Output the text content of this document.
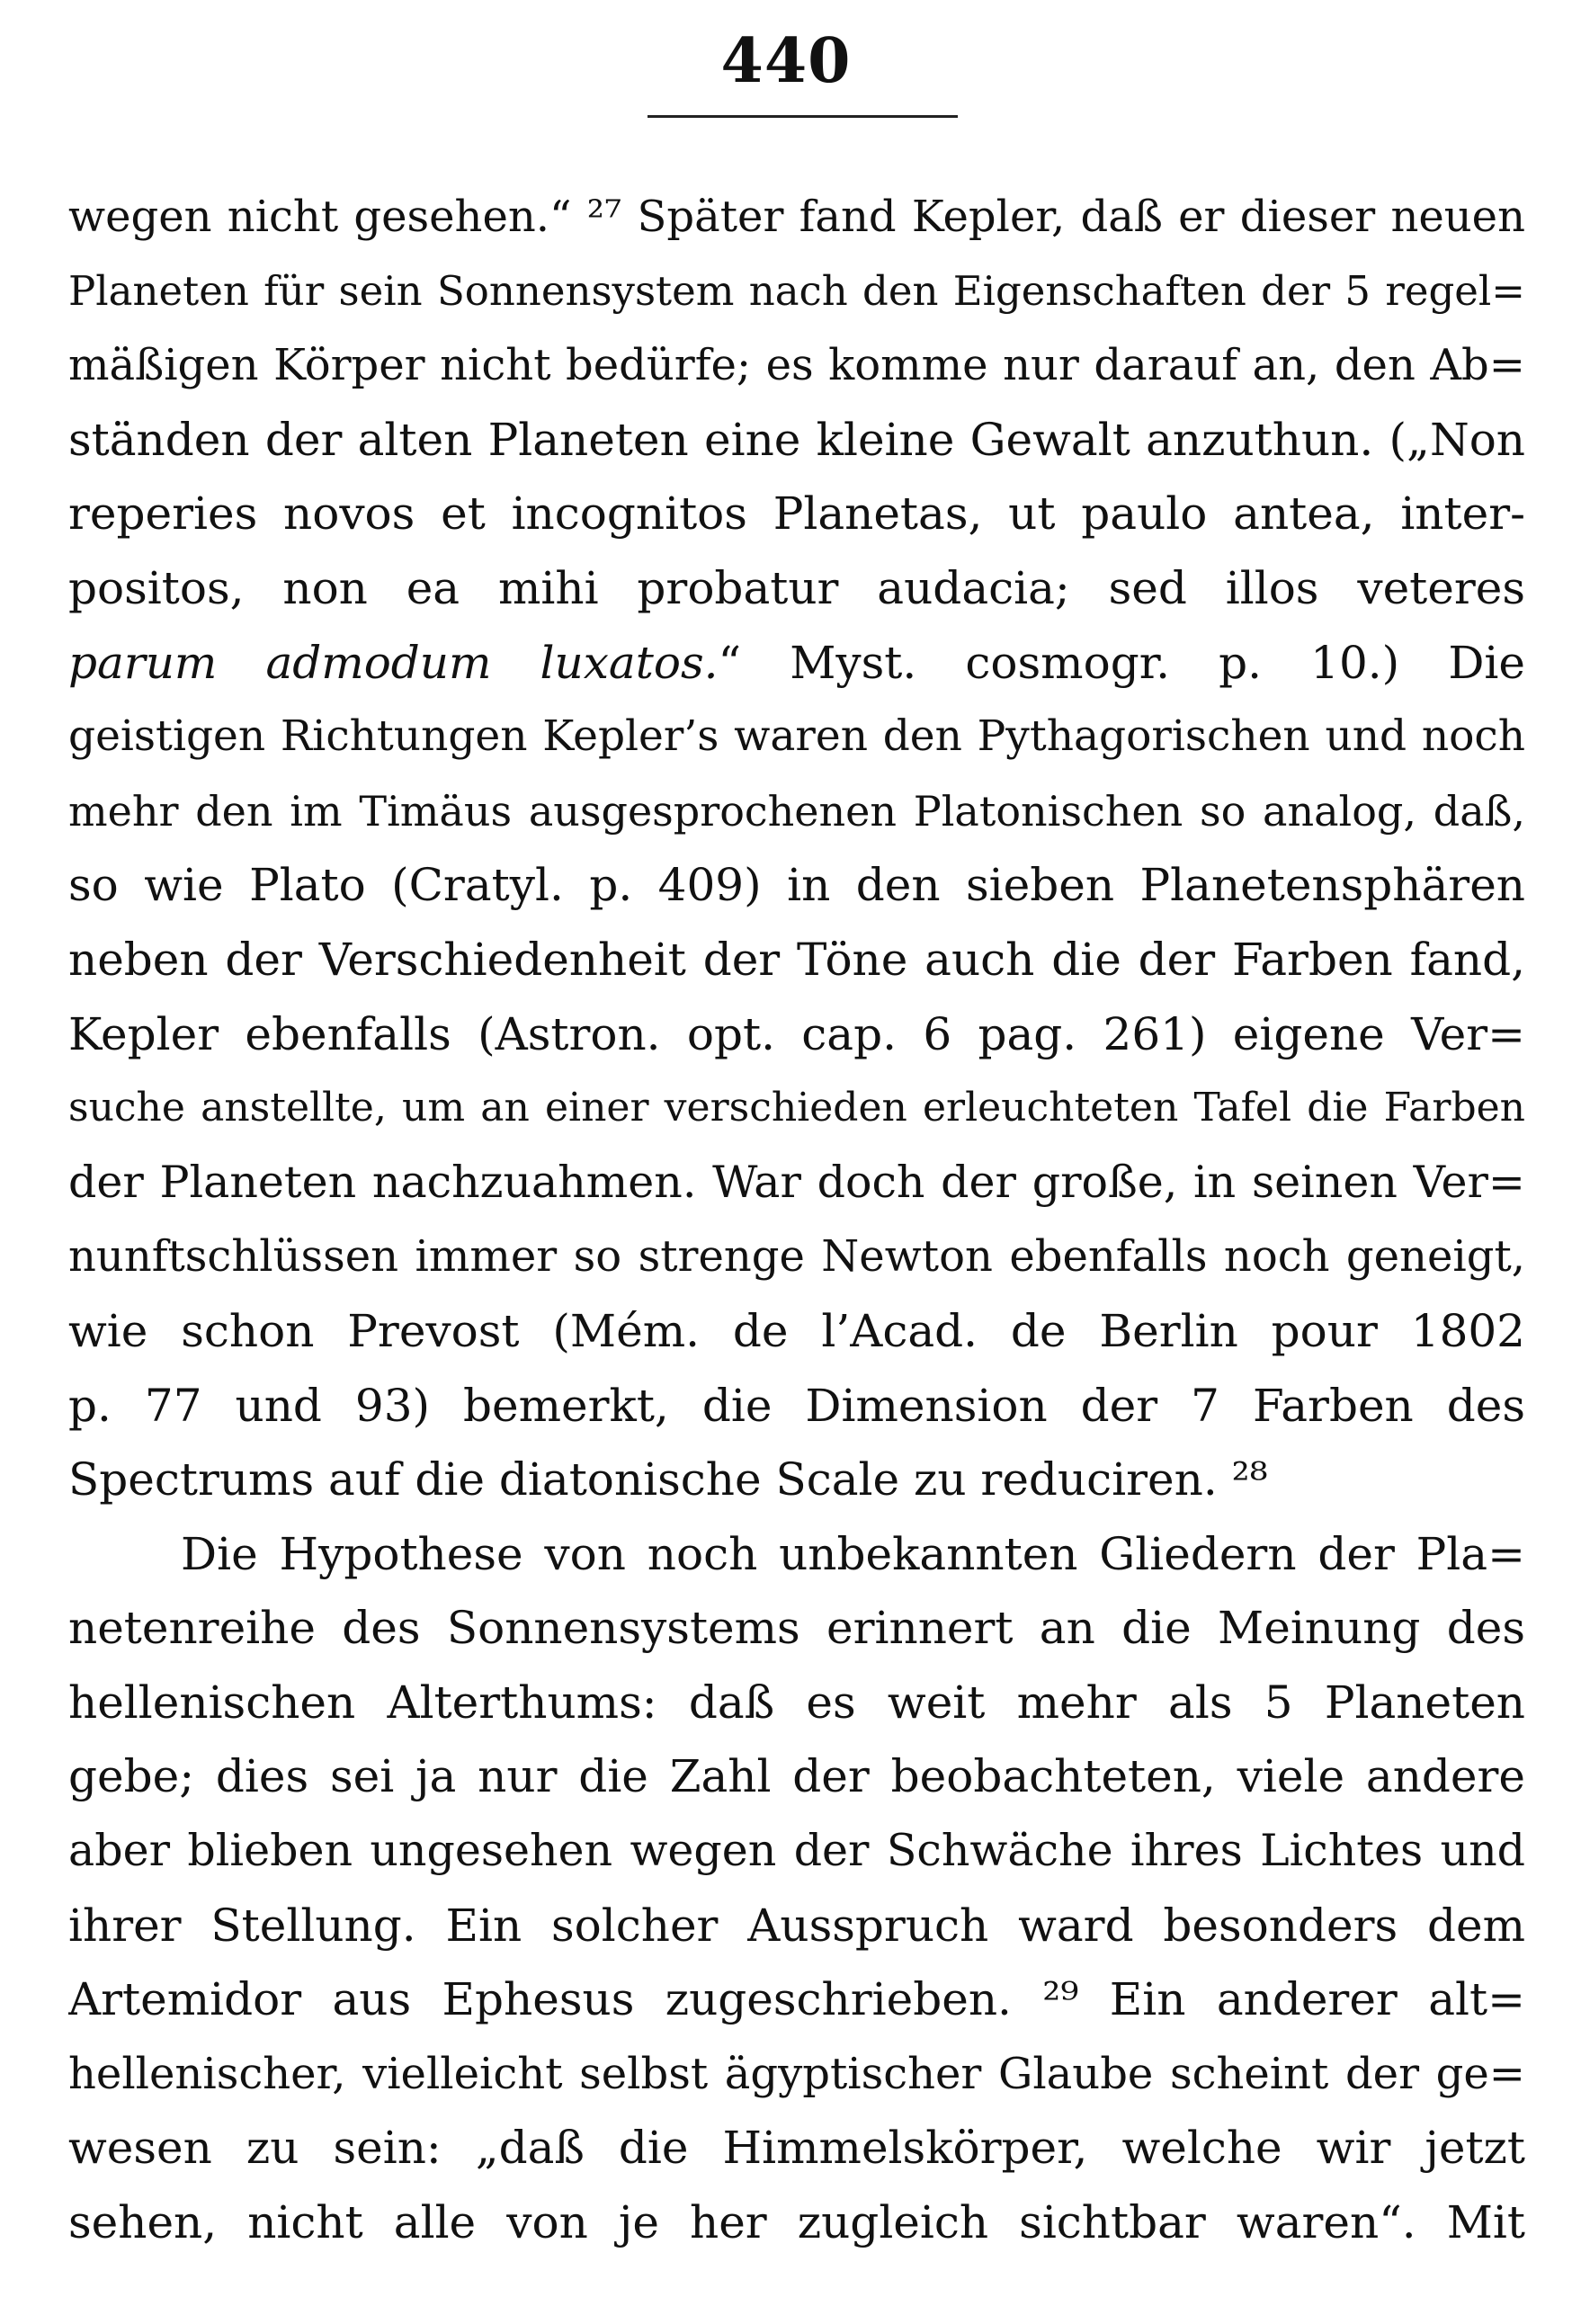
440
wegen nicht gesehen.“ ²⁷ Später fand Kepler, daß er dieser neuen
Planeten für sein Sonnensystem nach den Eigenschaften der 5 regel=
mäßigen Körper nicht bedürfe; es komme nur darauf an, den Ab=
ständen der alten Planeten eine kleine Gewalt anzuthun. („Non
reperies novos et incognitos Planetas, ut paulo antea, inter-
positos, non ea mihi probatur audacia; sed illos veteres
parum admodum luxatos.“ Myst. cosmogr. p. 10.) Die
geistigen Richtungen Kepler’s waren den Pythagorischen und noch
mehr den im Timäus ausgesprochenen Platonischen so analog, daß,
so wie Plato (Cratyl. p. 409) in den sieben Planetensphären
neben der Verschiedenheit der Töne auch die der Farben fand,
Kepler ebenfalls (Astron. opt. cap. 6 pag. 261) eigene Ver=
suche anstellte, um an einer verschieden erleuchteten Tafel die Farben
der Planeten nachzuahmen. War doch der große, in seinen Ver=
nunftschlüssen immer so strenge Newton ebenfalls noch geneigt,
wie schon Prevost (Mém. de l’Acad. de Berlin pour 1802
p. 77 und 93) bemerkt, die Dimension der 7 Farben des
Spectrums auf die diatonische Scale zu reduciren. ²⁸
Die Hypothese von noch unbekannten Gliedern der Pla=
netenreihe des Sonnensystems erinnert an die Meinung des
hellenischen Alterthums: daß es weit mehr als 5 Planeten
gebe; dies sei ja nur die Zahl der beobachteten, viele andere
aber blieben ungesehen wegen der Schwäche ihres Lichtes und
ihrer Stellung. Ein solcher Ausspruch ward besonders dem
Artemidor aus Ephesus zugeschrieben. ²⁹ Ein anderer alt=
hellenischer, vielleicht selbst ägyptischer Glaube scheint der ge=
wesen zu sein: „daß die Himmelskörper, welche wir jetzt
sehen, nicht alle von je her zugleich sichtbar waren“. Mit
